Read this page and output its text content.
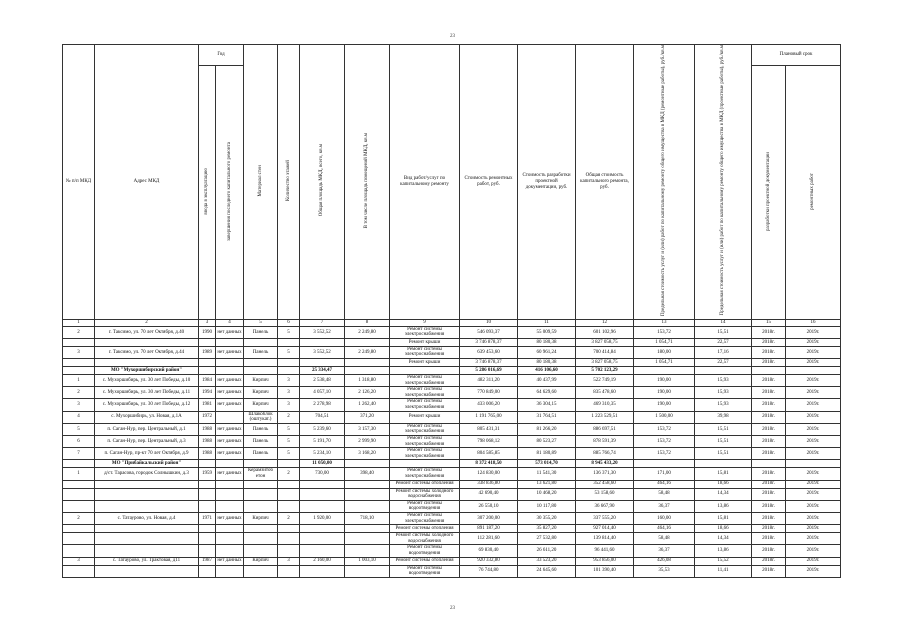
23
№ п/п МКД	Адрес МКД	Год		Материал стен	Количество этажей	Общая площадь МКД, всего, кв.м	В том числе площадь помещений МКД, кв.м	Вид работ/услуг по капитальному ремонту	Стоимость ремонтных работ, руб.	Стоимость разработки проектной документации, руб.	Общая стоимость капитального ремонта, руб.	Предельная стоимость услуг и (или) работ по капитальному ремонту общего имущества в МКД (ремонтные работы), руб./кв.м	Предельная стоимость услуг и (или) работ по капитальному ремонту общего имущества в МКД (проектные работы), руб./кв.м	Плановый срок	
		ввода в эксплуатацию	завершения последнего капитального ремонта											разработки проектной документации	ремонтных работ
1	2	3	4	5	6	7	8	9	10	11	12	13	14	15	16
2	г. Таксимо, ул. 70 лет Октября, д.40	1990	нет данных	Панель	5	3 552,52	2 249,80	Ремонт системы электроснабжения	546 093,37	55 009,59	601 102,96	153,72	15,51	2018г.	2019г.
								Ремонт крыши	3 746 878,37	80 180,38	3 827 058,75	1 054,71	22,57	2018г.	2019г.
3	г. Таксимо, ул. 70 лет Октября, д.44	1989	нет данных	Панель	5	3 552,52	2 249,80	Ремонт системы электроснабжения	639 453,60	60 961,24	700 414,84	180,00	17,16	2018г.	2019г.
								Ремонт крыши	3 746 878,37	80 180,38	3 827 058,75	1 054,71	22,57	2018г.	2019г.
	МО "Мухоршибирский район"					25 334,47			5 286 016,69	416 106,60	5 702 123,29				
1	с. Мухоршибирь, ул. 30 лет Победы, д.10	1984	нет данных	Кирпич	3	2 538,48	1 318,80	Ремонт системы электроснабжения	482 311,20	40 437,99	522 749,19	190,00	15,93	2018г.	2019г.
2	с. Мухоршибирь, ул. 30 лет Победы, д.11	1994	нет данных	Кирпич	3	4 057,10	2 126,20	Ремонт системы электроснабжения	770 849,00	64 629,60	835 478,60	190,00	15,93	2018г.	2019г.
3	с. Мухоршибирь, ул. 30 лет Победы, д.12	1981	нет данных	Кирпич	3	2 278,98	1 262,40	Ремонт системы электроснабжения	433 006,20	36 304,15	469 310,35	190,00	15,93	2018г.	2019г.
4	с. Мухоршибирь, ул. Новая, д.1А	1972		Шлакоблок (оштукат.)	2	704,51	371,20	Ремонт крыши	1 191 765,00	31 764,51	1 223 529,51	1 500,00	39,98	2018г.	2019г.
5	п. Саган-Нур, пер. Центральный, д.1	1988	нет данных	Панель	5	5 239,60	3 157,30	Ремонт системы электроснабжения	805 431,31	81 266,20	886 697,51	153,72	15,51	2018г.	2019г.
6	п. Саган-Нур, пер. Центральный, д.3	1988	нет данных	Панель	5	5 191,70	2 999,90	Ремонт системы электроснабжения	798 068,12	80 523,27	878 591,39	153,72	15,51	2018г.	2019г.
7	п. Саган-Нур, пр-кт 70 лет Октября, д.9	1988	нет данных	Панель	5	5 234,10	3 168,20	Ремонт системы электроснабжения	804 585,85	81 180,89	885 766,74	153,72	15,51	2018г.	2019г.
	МО "Прибайкальский район"					11 050,00			8 372 418,50	573 014,70	8 945 433,20				
1	д/ст. Тарасова, городок Солнышкин, д.3	1959	нет данных	Керамзитоб етон	2	730,00	398,40	Ремонт системы электроснабжения	124 830,00	11 541,30	136 371,30	171,00	15,81	2018г.	2019г.
								Ремонт системы отопления	338 836,80	13 621,80	352 458,60	464,16	18,66	2018г.	2019г.
								Ремонт системы холодного водоснабжения	42 690,40	10 468,20	53 158,60	58,48	14,34	2018г.	2019г.
								Ремонт системы водоотведения	26 550,10	10 117,80	36 667,90	36,37	13,86	2018г.	2019г.
2	с. Татаурово, ул. Новая, д.4	1971	нет данных	Кирпич	2	1 920,00	718,10	Ремонт системы электроснабжения	307 200,00	30 355,20	337 555,20	160,00	15,81	2018г.	2019г.
								Ремонт системы отопления	891 187,20	35 827,20	927 014,40	464,16	18,66	2018г.	2019г.
								Ремонт системы холодного водоснабжения	112 281,60	27 532,80	139 814,40	58,48	14,34	2018г.	2019г.
								Ремонт системы водоотведения	69 830,40	26 611,20	96 441,60	36,37	13,86	2018г.	2019г.
3	с. Татаурово, ул. Трактовая, д11	1987	нет данных	Кирпич	3	2 160,00	1 003,10	Ремонт системы отопления	920 332,80	33 523,20	953 856,00	426,08	15,52	2018г.	2019г.
								Ремонт системы водоотведения	76 744,80	24 645,60	101 390,40	35,53	11,41	2018г.	2019г.
23
